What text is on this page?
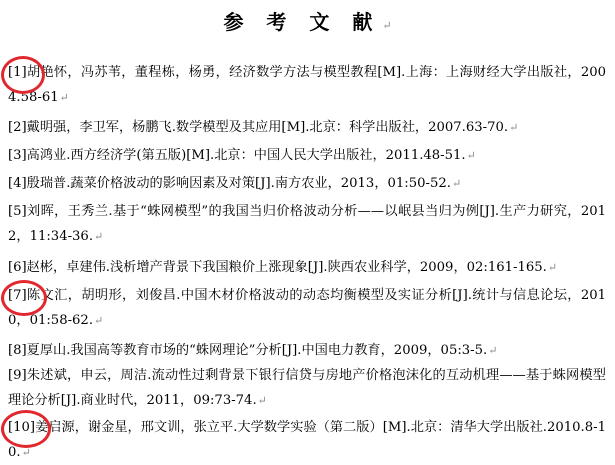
参 考 文 献 ↵
[1]胡艳怀，冯苏苇，董程栋，杨勇，经济数学方法与模型教程[M].上海：上海财经大学出版社，2004.58-61↵
[2]戴明强，李卫军，杨鹏飞.数学模型及其应用[M].北京：科学出版社，2007.63-70.↵
[3]高鸿业.西方经济学(第五版)[M].北京：中国人民大学出版社，2011.48-51.↵
[4]殷瑞普.蔬菜价格波动的影响因素及对策[J].南方农业，2013，01:50-52.↵
[5]刘晖，王秀兰.基于“蛛网模型”的我国当归价格波动分析——以岷县当归为例[J].生产力研究，2012，11:34-36.↵
[6]赵彬，卓建伟.浅析增产背景下我国粮价上涨现象[J].陕西农业科学，2009，02:161-165.↵
[7]陈文汇，胡明形，刘俊昌.中国木材价格波动的动态均衡模型及实证分析[J].统计与信息论坛，2010，01:58-62.↵
[8]夏厚山.我国高等教育市场的“蛛网理论”分析[J].中国电力教育，2009，05:3-5.↵
[9]朱述斌，申云，周洁.流动性过剩背景下银行信贷与房地产价格泡沫化的互动机理——基于蛛网模型理论分析[J].商业时代，2011，09:73-74.↵
[10]姜启源，谢金星，邢文训，张立平.大学数学实验（第二版）[M].北京：清华大学出版社.2010.8-10.↵
